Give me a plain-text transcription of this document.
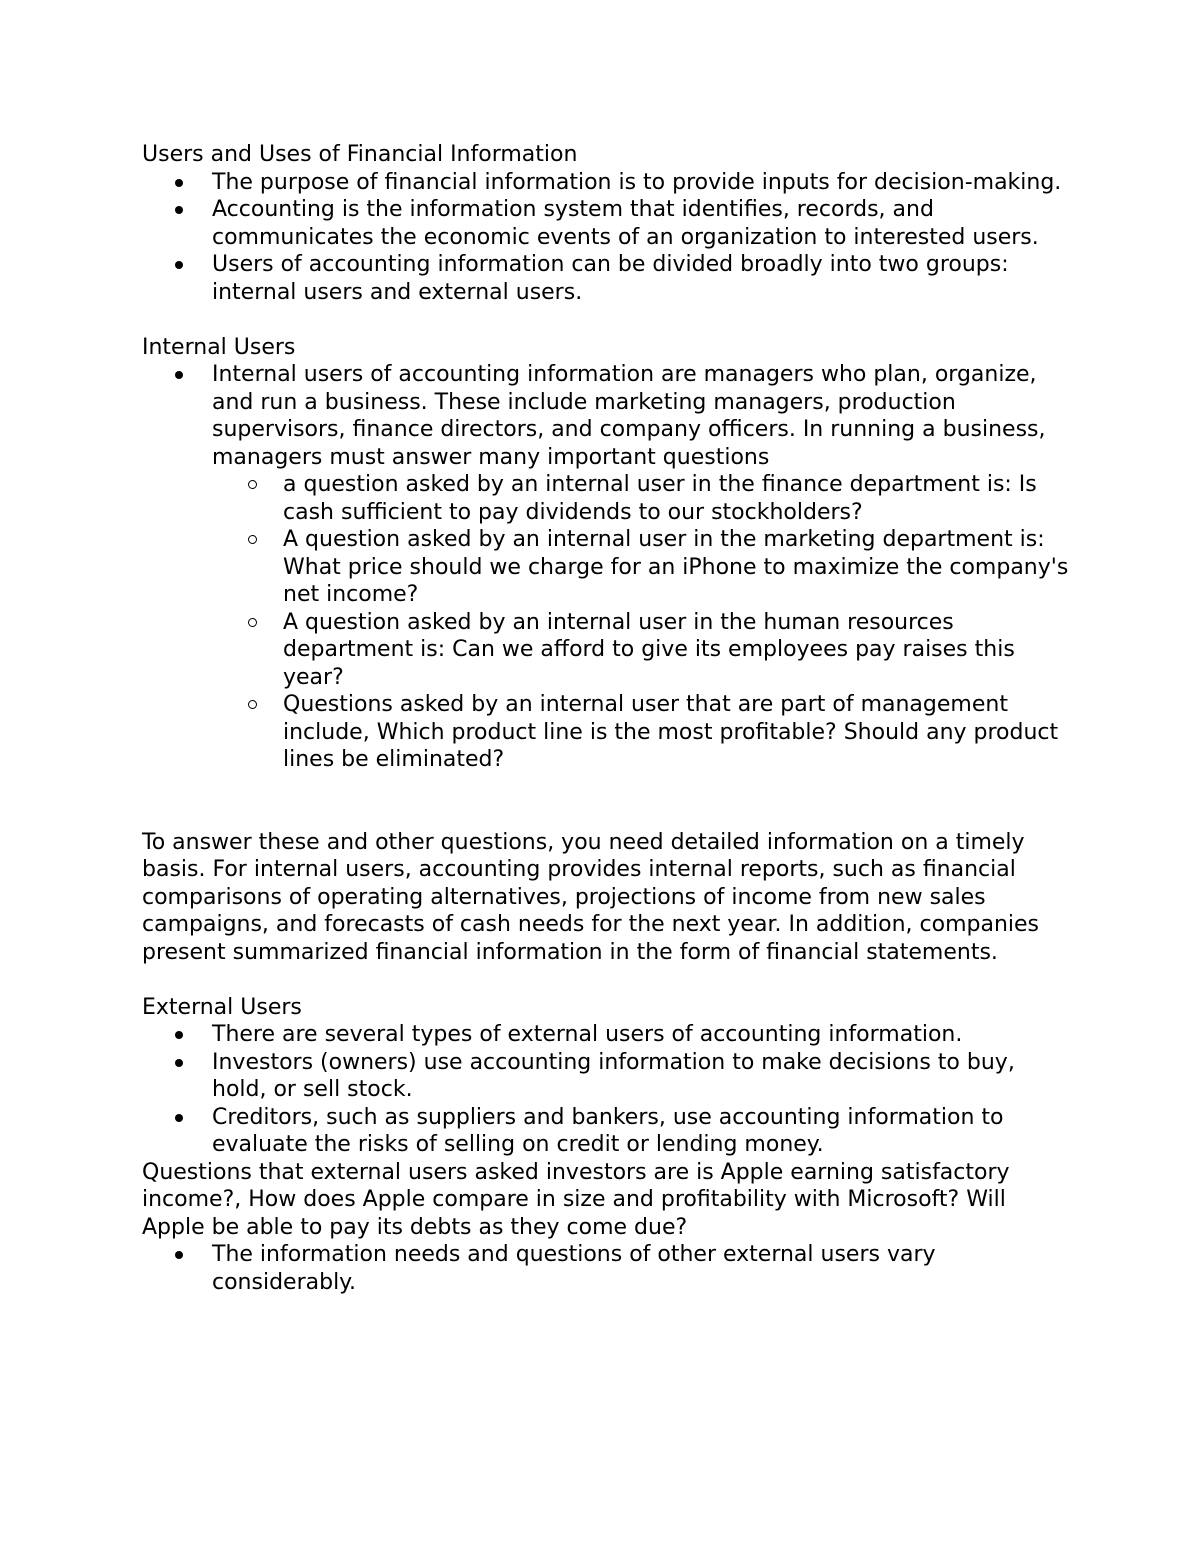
Users and Uses of Financial Information

The purpose of financial information is to provide inputs for decision-making.
Accounting is the information system that identifies, records, and communicates the economic events of an organization to interested users.
Users of accounting information can be divided broadly into two groups: internal users and external users.

Internal Users

Internal users of accounting information are managers who plan, organize, and run a business. These include marketing managers, production supervisors, finance directors, and company officers. In running a business, managers must answer many important questions
a question asked by an internal user in the finance department is: Is cash sufficient to pay dividends to our stockholders?
A question asked by an internal user in the marketing department is: What price should we charge for an iPhone to maximize the company's net income?
A question asked by an internal user in the human resources department is: Can we afford to give its employees pay raises this year?
Questions asked by an internal user that are part of management include, Which product line is the most profitable? Should any product lines be eliminated?

To answer these and other questions, you need detailed information on a timely basis. For internal users, accounting provides internal reports, such as financial comparisons of operating alternatives, projections of income from new sales campaigns, and forecasts of cash needs for the next year. In addition, companies present summarized financial information in the form of financial statements.

External Users

There are several types of external users of accounting information.
Investors (owners) use accounting information to make decisions to buy, hold, or sell stock.
Creditors, such as suppliers and bankers, use accounting information to evaluate the risks of selling on credit or lending money.

Questions that external users asked investors are is Apple earning satisfactory income?, How does Apple compare in size and profitability with Microsoft? Will Apple be able to pay its debts as they come due?

The information needs and questions of other external users vary considerably.
